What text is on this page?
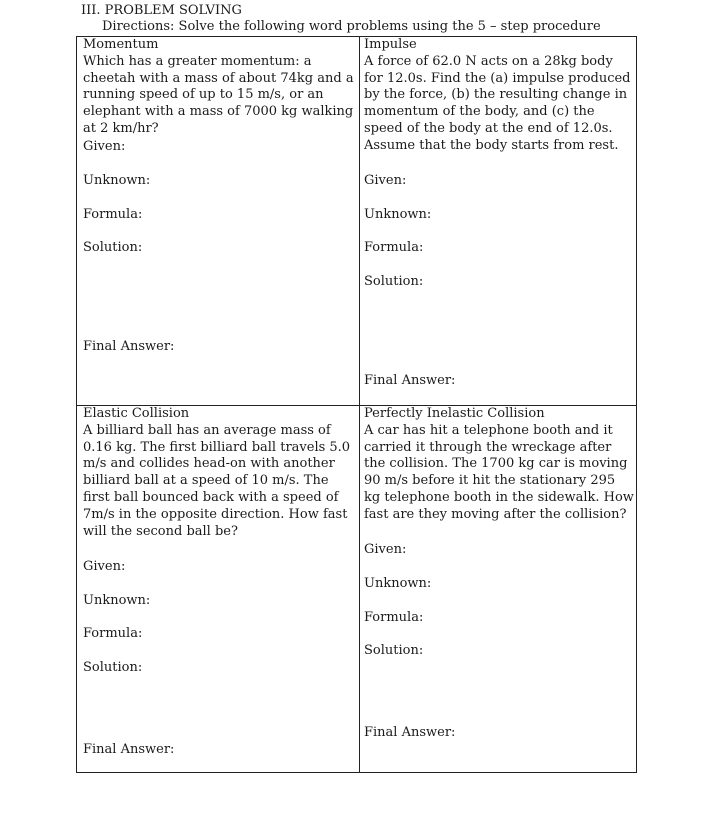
III. PROBLEM SOLVING
Directions: Solve the following word problems using the 5 – step procedure
Momentum
Which has a greater momentum: a cheetah with a mass of about 74kg and a running speed of up to 15 m/s, or an elephant with a mass of 7000 kg walking at 2 km/hr?
Given:
Unknown:
Formula:
Solution:
Final Answer:
Impulse
A force of 62.0 N acts on a 28kg body for 12.0s. Find the (a) impulse produced by the force, (b) the resulting change in momentum of the body, and (c) the speed of the body at the end of 12.0s. Assume that the body starts from rest.
Given:
Unknown:
Formula:
Solution:
Final Answer:
Elastic Collision
A billiard ball has an average mass of 0.16 kg. The first billiard ball travels 5.0 m/s and collides head-on with another billiard ball at a speed of 10 m/s. The first ball bounced back with a speed of 7m/s in the opposite direction. How fast will the second ball be?
Given:
Unknown:
Formula:
Solution:
Final Answer:
Perfectly Inelastic Collision
A car has hit a telephone booth and it carried it through the wreckage after the collision. The 1700 kg car is moving 90 m/s before it hit the stationary 295 kg telephone booth in the sidewalk. How fast are they moving after the collision?
Given:
Unknown:
Formula:
Solution:
Final Answer:
